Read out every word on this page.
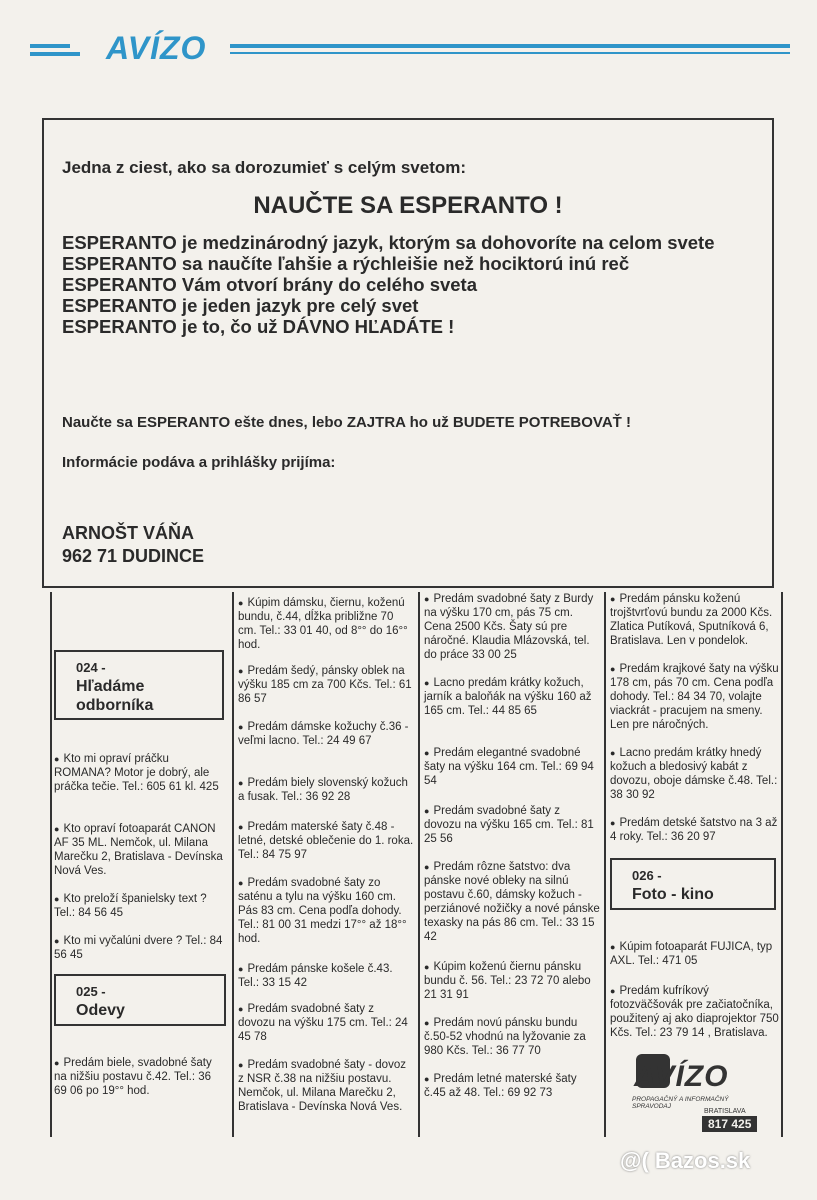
AVÍZO
Jedna z ciest, ako sa dorozumieť s celým svetom:
NAUČTE SA ESPERANTO !
ESPERANTO je medzinárodný jazyk, ktorým sa dohovoríte na celom svete
ESPERANTO sa naučíte ľahšie a rýchleišie než hociktorú inú reč
ESPERANTO Vám otvorí brány do celého sveta
ESPERANTO je jeden jazyk pre celý svet
ESPERANTO je to, čo už DÁVNO HĽADÁTE !
Naučte sa ESPERANTO ešte dnes, lebo ZAJTRA ho už BUDETE POTREBOVAŤ !
Informácie podáva a prihlášky prijíma:
ARNOŠT VÁŇA
962 71 DUDINCE
024 -
Hľadáme odborníka
● Kto mi opraví práčku ROMANA? Motor je dobrý, ale práčka tečie. Tel.: 605 61 kl. 425
● Kto opraví fotoaparát CANON AF 35 ML. Nemčok, ul. Milana Marečku 2, Bratislava - Devínska Nová Ves.
● Kto preloží španielsky text ? Tel.: 84 56 45
● Kto mi vyčalúni dvere ? Tel.: 84 56 45
025 -
Odevy
● Predám biele, svadobné šaty na nižšiu postavu č.42. Tel.: 36 69 06 po 19°° hod.
● Kúpim dámsku, čiernu, koženú bundu, č.44, dĺžka približne 70 cm. Tel.: 33 01 40, od 8°° do 16°° hod.
● Predám šedý, pánsky oblek na výšku 185 cm za 700 Kčs. Tel.: 61 86 57
● Predám dámske kožuchy č.36 - veľmi lacno. Tel.: 24 49 67
● Predám biely slovenský kožuch a fusak. Tel.: 36 92 28
● Predám materské šaty č.48 - letné, detské oblečenie do 1. roka. Tel.: 84 75 97
● Predám svadobné šaty zo saténu a tylu na výšku 160 cm. Pás 83 cm. Cena podľa dohody. Tel.: 81 00 31 medzi 17°° až 18°° hod.
● Predám pánske košele č.43. Tel.: 33 15 42
● Predám svadobné šaty z dovozu na výšku 175 cm. Tel.: 24 45 78
● Predám svadobné šaty - dovoz z NSR č.38 na nižšiu postavu. Nemčok, ul. Milana Marečku 2, Bratislava - Devínska Nová Ves.
● Predám svadobné šaty z Burdy na výšku 170 cm, pás 75 cm. Cena 2500 Kčs. Šaty sú pre náročné. Klaudia Mlázovská, tel. do práce 33 00 25
● Lacno predám krátky kožuch, jarník a baloňák na výšku 160 až 165 cm. Tel.: 44 85 65
● Predám elegantné svadobné šaty na výšku 164 cm. Tel.: 69 94 54
● Predám svadobné šaty z dovozu na výšku 165 cm. Tel.: 81 25 56
● Predám rôzne šatstvo: dva pánske nové obleky na silnú postavu č.60, dámsky kožuch - perziánové nožičky a nové pánske texasky na pás 86 cm. Tel.: 33 15 42
● Kúpim koženú čiernu pánsku bundu č. 56. Tel.: 23 72 70 alebo 21 31 91
● Predám novú pánsku bundu č.50-52 vhodnú na lyžovanie za 980 Kčs. Tel.: 36 77 70
● Predám letné materské šaty č.45 až 48. Tel.: 69 92 73
● Predám pánsku koženú trojštvrťovú bundu za 2000 Kčs. Zlatica Putíková, Sputníková 6, Bratislava. Len v pondelok.
● Predám krajkové šaty na výšku 178 cm, pás 70 cm. Cena podľa dohody. Tel.: 84 34 70, volajte viackrát - pracujem na smeny. Len pre náročných.
● Lacno predám krátky hnedý kožuch a bledosivý kabát z dovozu, oboje dámske č.48. Tel.: 38 30 92
● Predám detské šatstvo na 3 až 4 roky. Tel.: 36 20 97
026 -
Foto - kino
● Kúpim fotoaparát FUJICA, typ AXL. Tel.: 471 05
● Predám kufríkový fotozväčšovák pre začiatočníka, použitený aj ako diaprojektor 750 Kčs. Tel.: 23 79 14 , Bratislava.
AVÍZO
PROPAGAČNÝ A INFORMAČNÝ SPRAVODAJ
BRATISLAVA
817 425
@( Bazos.sk
